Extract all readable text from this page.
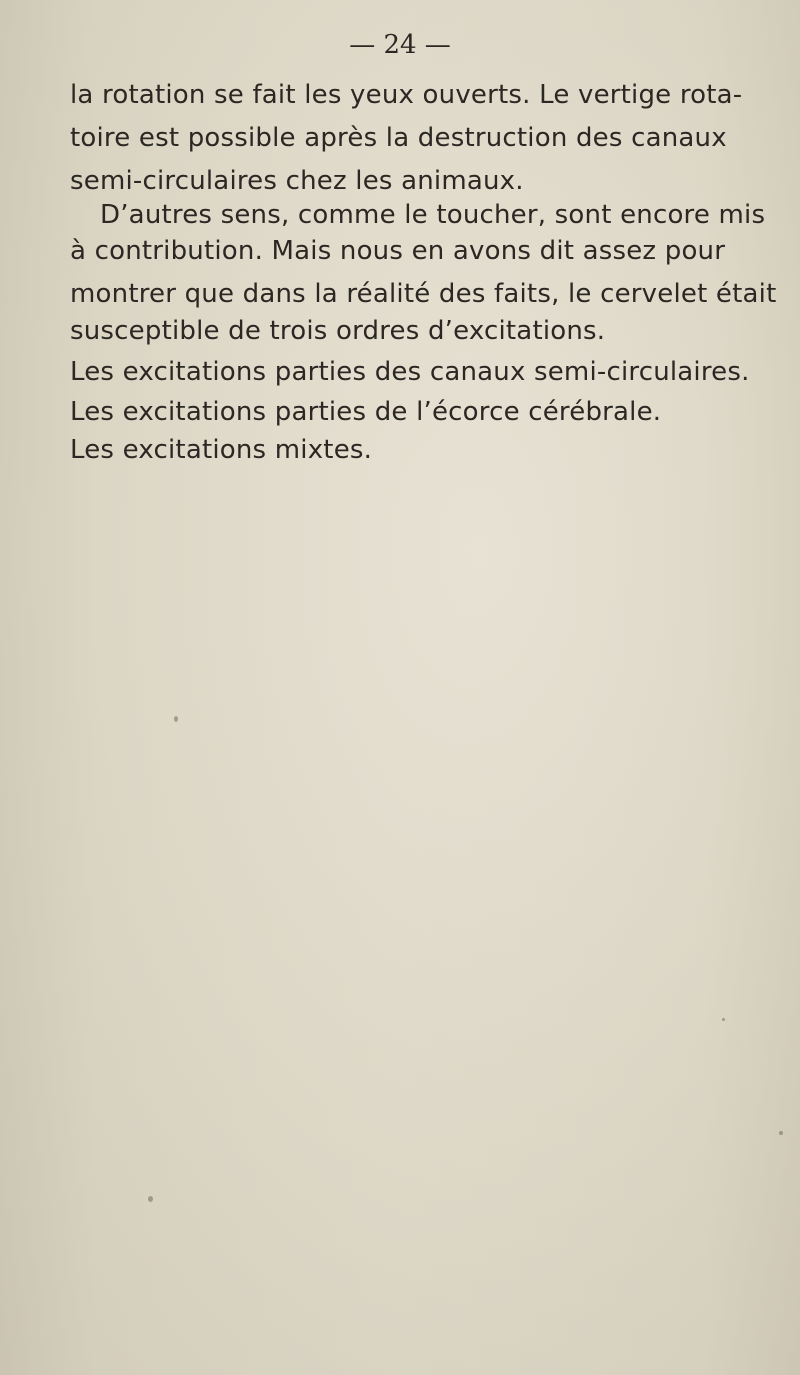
— 24 —
la rotation se fait les yeux ouverts. Le vertige rota-
toire est possible après la destruction des canaux
semi-circulaires chez les animaux.
D’autres sens, comme le toucher, sont encore mis
à contribution. Mais nous en avons dit assez pour
montrer que dans la réalité des faits, le cervelet était
susceptible de trois ordres d’excitations.
Les excitations parties des canaux semi-circulaires.
Les excitations parties de l’écorce cérébrale.
Les excitations mixtes.
